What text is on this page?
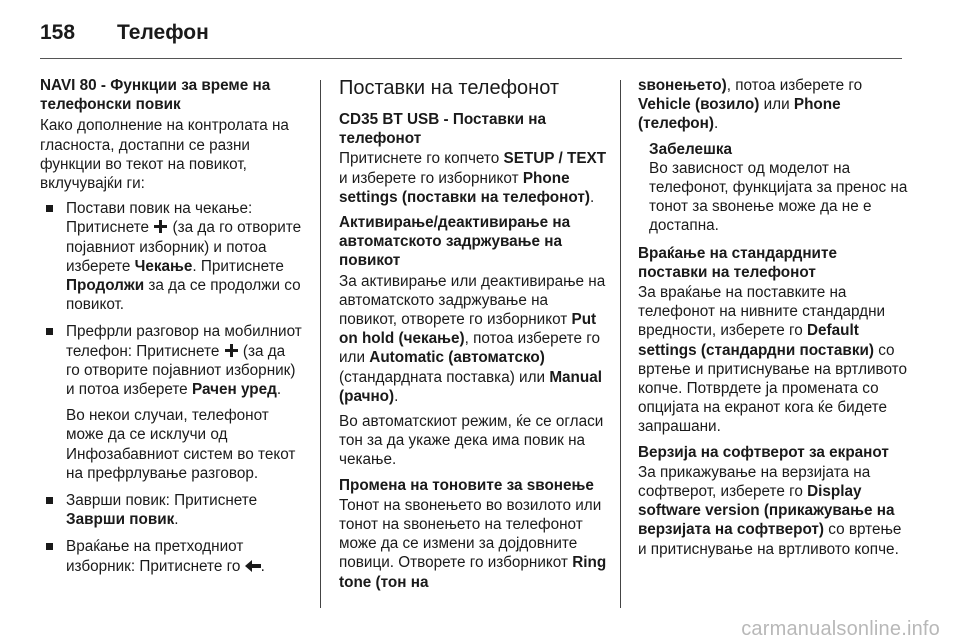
158 Телефон

NAVI 80 - Функции за време на телефонски повик

Како дополнение на контролата на гласноста, достапни се разни функции во текот на повикот, вклучувајќи ги:

Постави повик на чекање: Притиснете  (за да го отворите појавниот изборник) и потоа изберете Чекање. Притиснете Продолжи за да се продолжи со повикот.
Префрли разговор на мобилниот телефон: Притиснете  (за да го отворите појавниот изборник) и потоа изберете Рачен уред.
Во некои случаи, телефонот може да се исклучи од Инфозабавниот систем во текот на префрлување разговор.
Заврши повик: Притиснете Заврши повик.
Враќање на претходниот изборник: Притиснете го .
Поставки на телефонот

CD35 BT USB - Поставки на телефонот

Притиснете го копчето SETUP / TEXT и изберете го изборникот Phone settings (поставки на телефонот).

Активирање/деактивирање на автоматското задржување на повикот

За активирање или деактивирање на автоматското задржување на повикот, отворете го изборникот Put on hold (чекање), потоа изберете го или Automatic (автоматско) (стандардната поставка) или Manual (рачно).

Во автоматскиот режим, ќе се огласи тон за да укаже дека има повик на чекање.

Промена на тоновите за ѕвонење

Тонот на ѕвонењето во возилото или тонот на ѕвонењето на телефонот може да се измени за дојдовните повици. Отворете го изборникот Ring tone (тон на

ѕвонењето), потоа изберете го Vehicle (возило) или Phone (телефон).

Забелешка
Во зависност од моделот на телефонот, функцијата за пренос на тонот за ѕвонење може да не е достапна.

Враќање на стандардните поставки на телефонот

За враќање на поставките на телефонот на нивните стандардни вредности, изберете го Default settings (стандардни поставки) со вртење и притиснување на вртливото копче. Потврдете ја промената со опцијата на екранот кога ќе бидете запрашани.

Верзија на софтверот за екранот

За прикажување на верзијата на софтверот, изберете го Display software version (прикажување на верзијата на софтверот) со вртење и притиснување на вртливото копче.

carmanualsonline.info
